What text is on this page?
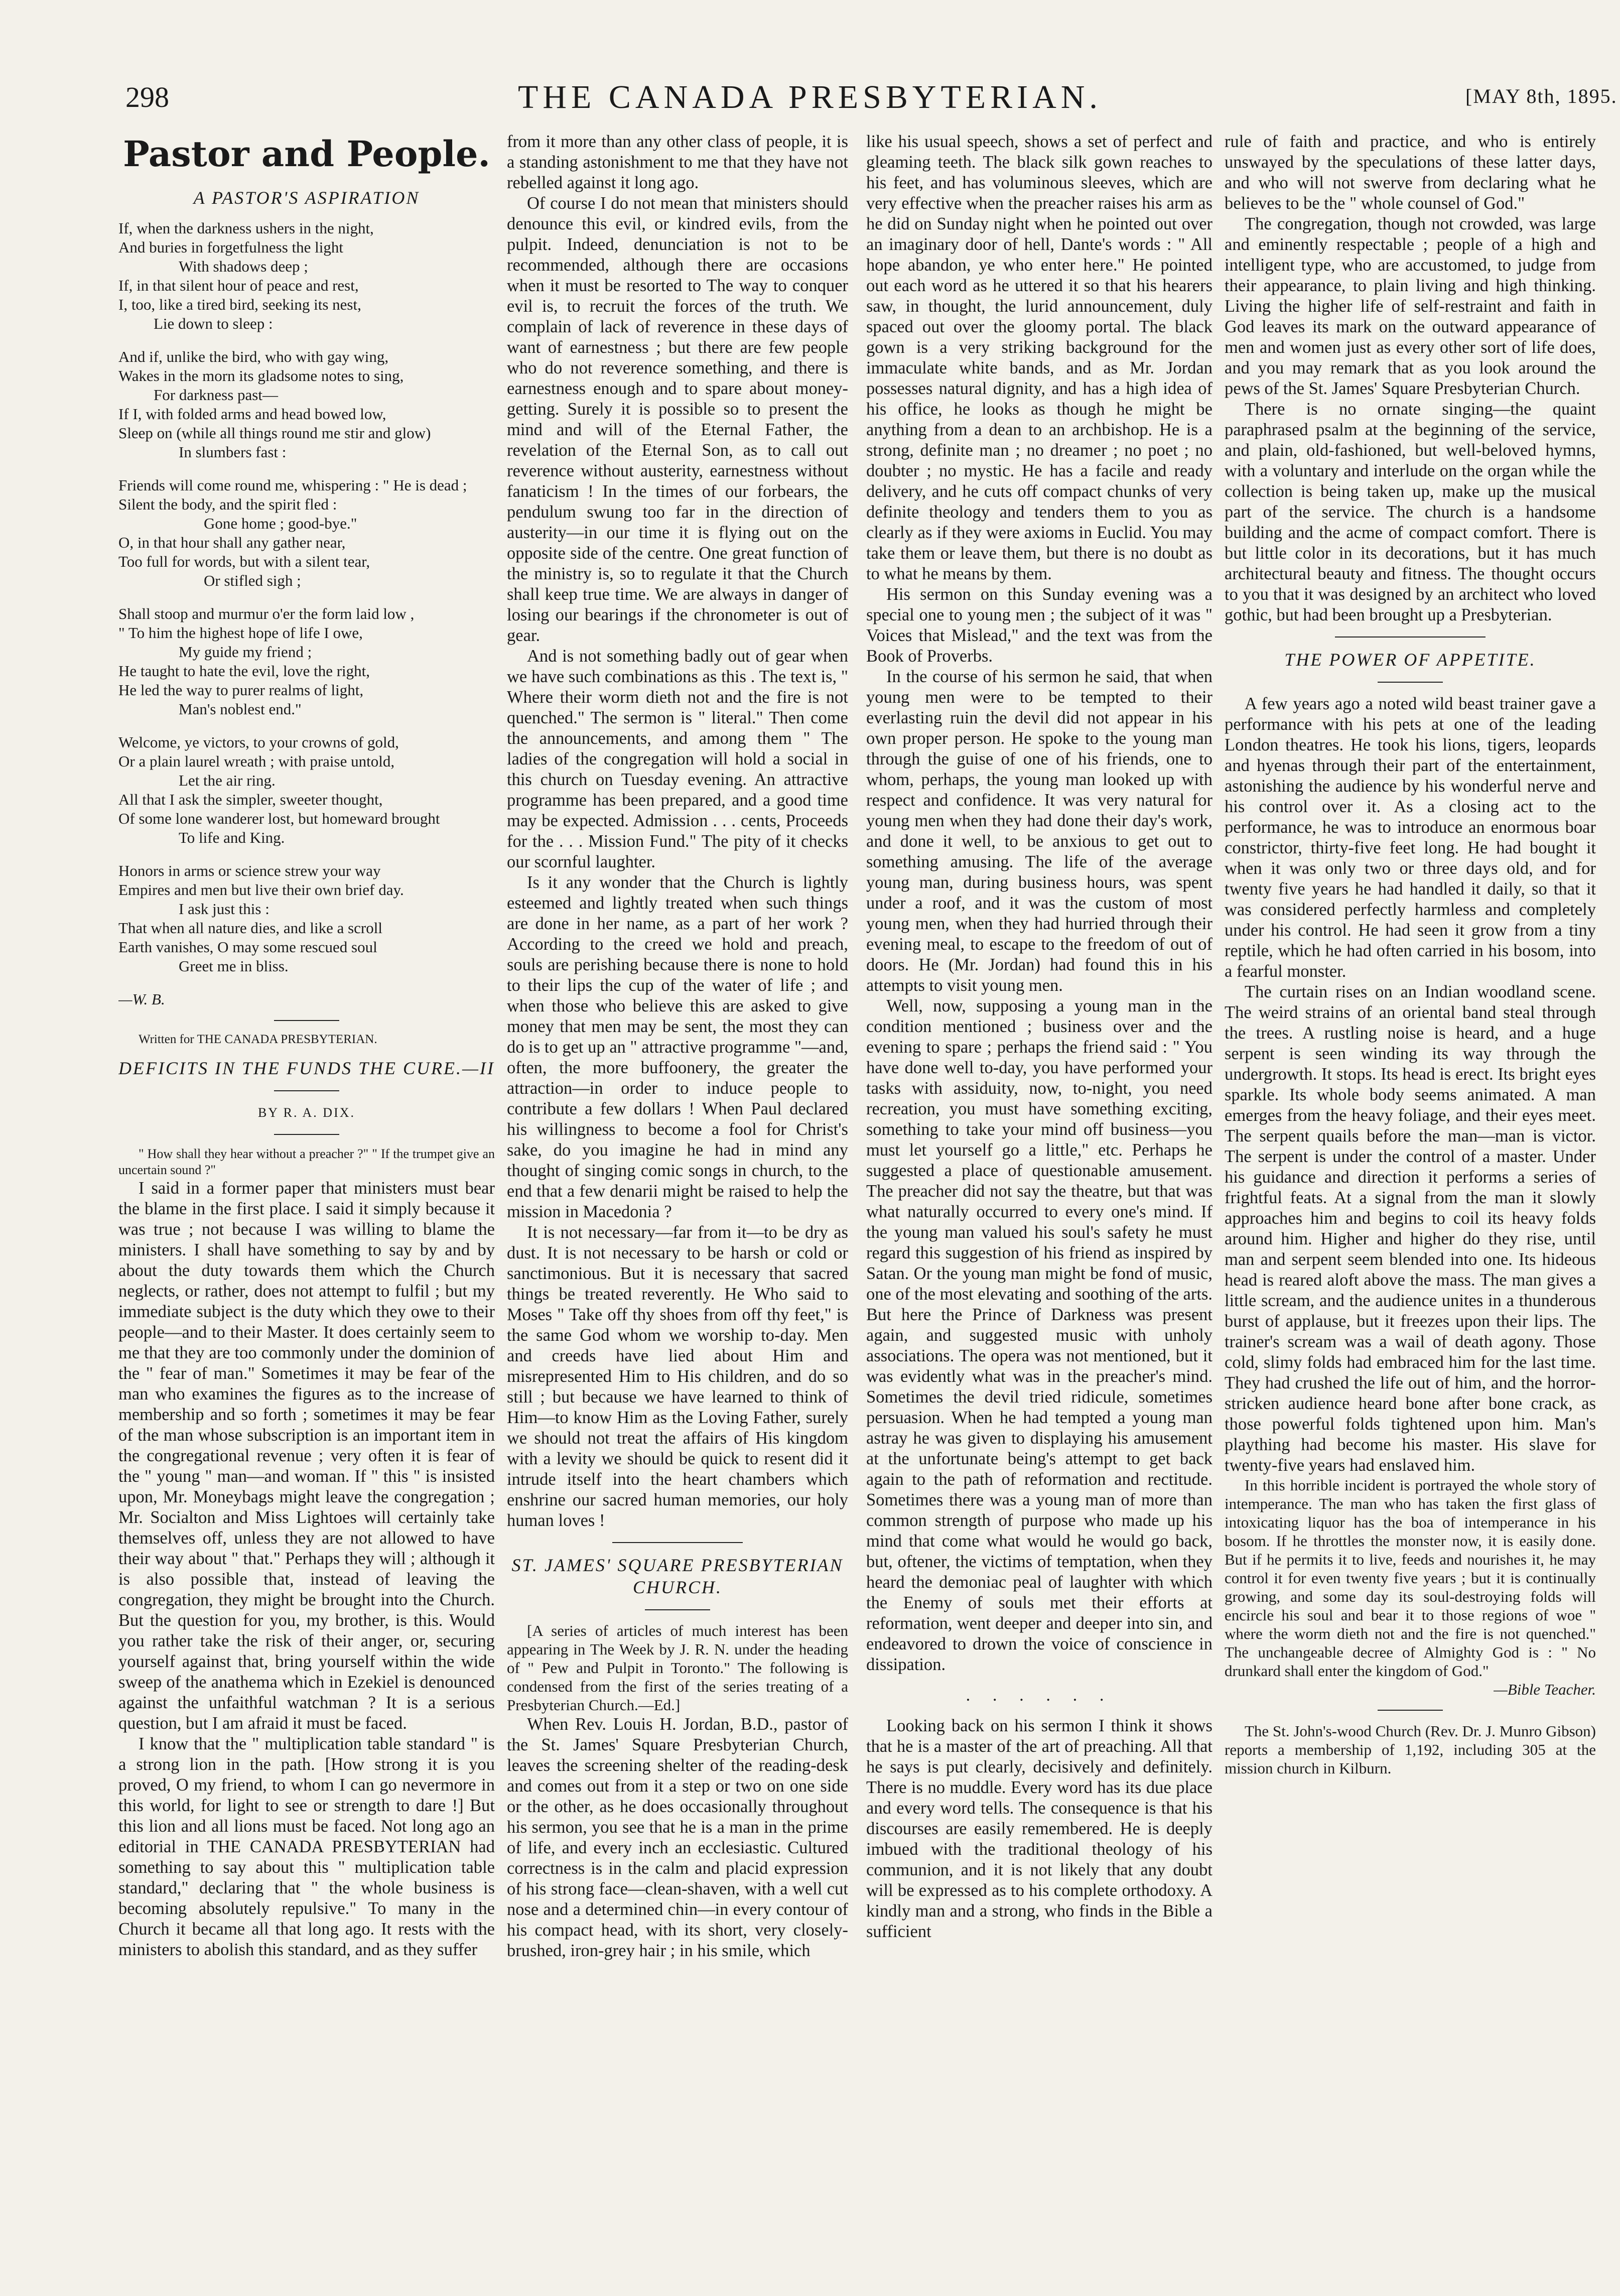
298	THE CANADA PRESBYTERIAN.	[MAY 8th, 1895.
Pastor and People.
A PASTOR'S ASPIRATION

If, when the darkness ushers in the night,

And buries in forgetfulness the light

With shadows deep ;

If, in that silent hour of peace and rest,

I, too, like a tired bird, seeking its nest,

Lie down to sleep :

And if, unlike the bird, who with gay wing,

Wakes in the morn its gladsome notes to sing,

For darkness past—

If I, with folded arms and head bowed low,

Sleep on (while all things round me stir and glow)

In slumbers fast :

Friends will come round me, whispering : " He is dead ;

Silent the body, and the spirit fled :

Gone home ; good-bye."

O, in that hour shall any gather near,

Too full for words, but with a silent tear,

Or stifled sigh ;

Shall stoop and murmur o'er the form laid low ,

" To him the highest hope of life I owe,

My guide my friend ;

He taught to hate the evil, love the right,

He led the way to purer realms of light,

Man's noblest end."

Welcome, ye victors, to your crowns of gold,

Or a plain laurel wreath ; with praise untold,

Let the air ring.

All that I ask the simpler, sweeter thought,

Of some lone wanderer lost, but homeward brought

To life and King.

Honors in arms or science strew your way

Empires and men but live their own brief day.

I ask just this :

That when all nature dies, and like a scroll

Earth vanishes, O may some rescued soul

Greet me in bliss.

—W. B.

Written for THE CANADA PRESBYTERIAN.

DEFICITS IN THE FUNDS THE CURE.—II
BY R. A. DIX.

" How shall they hear without a preacher ?" " If the trumpet give an uncertain sound ?"

I said in a former paper that ministers must bear the blame in the first place. I said it simply because it was true ; not because I was willing to blame the ministers. I shall have something to say by and by about the duty towards them which the Church neglects, or rather, does not attempt to fulfil ; but my immediate subject is the duty which they owe to their people—and to their Master. It does certainly seem to me that they are too commonly under the dominion of the " fear of man." Sometimes it may be fear of the man who examines the figures as to the increase of membership and so forth ; sometimes it may be fear of the man whose subscription is an important item in the congregational revenue ; very often it is fear of the " young " man—and woman. If " this " is insisted upon, Mr. Moneybags might leave the congregation ; Mr. Socialton and Miss Lightoes will certainly take themselves off, unless they are not allowed to have their way about " that." Perhaps they will ; although it is also possible that, instead of leaving the congregation, they might be brought into the Church. But the question for you, my brother, is this. Would you rather take the risk of their anger, or, securing yourself against that, bring yourself within the wide sweep of the anathema which in Ezekiel is denounced against the unfaithful watchman ? It is a serious question, but I am afraid it must be faced.

I know that the " multiplication table standard " is a strong lion in the path. [How strong it is you proved, O my friend, to whom I can go nevermore in this world, for light to see or strength to dare !] But this lion and all lions must be faced. Not long ago an editorial in THE CANADA PRESBYTERIAN had something to say about this " multiplication table standard," declaring that " the whole business is becoming absolutely repulsive." To many in the Church it became all that long ago. It rests with the ministers to abolish this standard, and as they suffer

from it more than any other class of people, it is a standing astonishment to me that they have not rebelled against it long ago.

Of course I do not mean that ministers should denounce this evil, or kindred evils, from the pulpit. Indeed, denunciation is not to be recommended, although there are occasions when it must be resorted to The way to conquer evil is, to recruit the forces of the truth. We complain of lack of reverence in these days of want of earnestness ; but there are few people who do not reverence something, and there is earnestness enough and to spare about money-getting. Surely it is possible so to present the mind and will of the Eternal Father, the revelation of the Eternal Son, as to call out reverence without austerity, earnestness without fanaticism ! In the times of our forbears, the pendulum swung too far in the direction of austerity—in our time it is flying out on the opposite side of the centre. One great function of the ministry is, so to regulate it that the Church shall keep true time. We are always in danger of losing our bearings if the chronometer is out of gear.

And is not something badly out of gear when we have such combinations as this . The text is, " Where their worm dieth not and the fire is not quenched." The sermon is " literal." Then come the announcements, and among them " The ladies of the congregation will hold a social in this church on Tuesday evening. An attractive programme has been prepared, and a good time may be expected. Admission . . . cents, Proceeds for the . . . Mission Fund." The pity of it checks our scornful laughter.

Is it any wonder that the Church is lightly esteemed and lightly treated when such things are done in her name, as a part of her work ? According to the creed we hold and preach, souls are perishing because there is none to hold to their lips the cup of the water of life ; and when those who believe this are asked to give money that men may be sent, the most they can do is to get up an " attractive programme "—and, often, the more buffoonery, the greater the attraction—in order to induce people to contribute a few dollars ! When Paul declared his willingness to become a fool for Christ's sake, do you imagine he had in mind any thought of singing comic songs in church, to the end that a few denarii might be raised to help the mission in Macedonia ?

It is not necessary—far from it—to be dry as dust. It is not necessary to be harsh or cold or sanctimonious. But it is necessary that sacred things be treated reverently. He Who said to Moses " Take off thy shoes from off thy feet," is the same God whom we worship to-day. Men and creeds have lied about Him and misrepresented Him to His children, and do so still ; but because we have learned to think of Him—to know Him as the Loving Father, surely we should not treat the affairs of His kingdom with a levity we should be quick to resent did it intrude itself into the heart chambers which enshrine our sacred human memories, our holy human loves !

ST. JAMES' SQUARE PRESBYTERIAN CHURCH.

[A series of articles of much interest has been appearing in The Week by J. R. N. under the heading of " Pew and Pulpit in Toronto." The following is condensed from the first of the series treating of a Presbyterian Church.—Ed.]

When Rev. Louis H. Jordan, B.D., pastor of the St. James' Square Presbyterian Church, leaves the screening shelter of the reading-desk and comes out from it a step or two on one side or the other, as he does occasionally throughout his sermon, you see that he is a man in the prime of life, and every inch an ecclesiastic. Cultured correctness is in the calm and placid expression of his strong face—clean-shaven, with a well cut nose and a determined chin—in every contour of his compact head, with its short, very closely-brushed, iron-grey hair ; in his smile, which

like his usual speech, shows a set of perfect and gleaming teeth. The black silk gown reaches to his feet, and has voluminous sleeves, which are very effective when the preacher raises his arm as he did on Sunday night when he pointed out over an imaginary door of hell, Dante's words : " All hope abandon, ye who enter here." He pointed out each word as he uttered it so that his hearers saw, in thought, the lurid announcement, duly spaced out over the gloomy portal. The black gown is a very striking background for the immaculate white bands, and as Mr. Jordan possesses natural dignity, and has a high idea of his office, he looks as though he might be anything from a dean to an archbishop. He is a strong, definite man ; no dreamer ; no poet ; no doubter ; no mystic. He has a facile and ready delivery, and he cuts off compact chunks of very definite theology and tenders them to you as clearly as if they were axioms in Euclid. You may take them or leave them, but there is no doubt as to what he means by them.

His sermon on this Sunday evening was a special one to young men ; the subject of it was " Voices that Mislead," and the text was from the Book of Proverbs.

In the course of his sermon he said, that when young men were to be tempted to their everlasting ruin the devil did not appear in his own proper person. He spoke to the young man through the guise of one of his friends, one to whom, perhaps, the young man looked up with respect and confidence. It was very natural for young men when they had done their day's work, and done it well, to be anxious to get out to something amusing. The life of the average young man, during business hours, was spent under a roof, and it was the custom of most young men, when they had hurried through their evening meal, to escape to the freedom of out of doors. He (Mr. Jordan) had found this in his attempts to visit young men.

Well, now, supposing a young man in the condition mentioned ; business over and the evening to spare ; perhaps the friend said : " You have done well to-day, you have performed your tasks with assiduity, now, to-night, you need recreation, you must have something exciting, something to take your mind off business—you must let yourself go a little," etc. Perhaps he suggested a place of questionable amusement. The preacher did not say the theatre, but that was what naturally occurred to every one's mind. If the young man valued his soul's safety he must regard this suggestion of his friend as inspired by Satan. Or the young man might be fond of music, one of the most elevating and soothing of the arts. But here the Prince of Darkness was present again, and suggested music with unholy associations. The opera was not mentioned, but it was evidently what was in the preacher's mind. Sometimes the devil tried ridicule, sometimes persuasion. When he had tempted a young man astray he was given to displaying his amusement at the unfortunate being's attempt to get back again to the path of reformation and rectitude. Sometimes there was a young man of more than common strength of purpose who made up his mind that come what would he would go back, but, oftener, the victims of temptation, when they heard the demoniac peal of laughter with which the Enemy of souls met their efforts at reformation, went deeper and deeper into sin, and endeavored to drown the voice of conscience in dissipation.

. . . . . .

Looking back on his sermon I think it shows that he is a master of the art of preaching. All that he says is put clearly, decisively and definitely. There is no muddle. Every word has its due place and every word tells. The consequence is that his discourses are easily remembered. He is deeply imbued with the traditional theology of his communion, and it is not likely that any doubt will be expressed as to his complete orthodoxy. A kindly man and a strong, who finds in the Bible a sufficient

rule of faith and practice, and who is entirely unswayed by the speculations of these latter days, and who will not swerve from declaring what he believes to be the " whole counsel of God."

The congregation, though not crowded, was large and eminently respectable ; people of a high and intelligent type, who are accustomed, to judge from their appearance, to plain living and high thinking. Living the higher life of self-restraint and faith in God leaves its mark on the outward appearance of men and women just as every other sort of life does, and you may remark that as you look around the pews of the St. James' Square Presbyterian Church.

There is no ornate singing—the quaint paraphrased psalm at the beginning of the service, and plain, old-fashioned, but well-beloved hymns, with a voluntary and interlude on the organ while the collection is being taken up, make up the musical part of the service. The church is a handsome building and the acme of compact comfort. There is but little color in its decorations, but it has much architectural beauty and fitness. The thought occurs to you that it was designed by an architect who loved gothic, but had been brought up a Presbyterian.

THE POWER OF APPETITE.

A few years ago a noted wild beast trainer gave a performance with his pets at one of the leading London theatres. He took his lions, tigers, leopards and hyenas through their part of the entertainment, astonishing the audience by his wonderful nerve and his control over it. As a closing act to the performance, he was to introduce an enormous boar constrictor, thirty-five feet long. He had bought it when it was only two or three days old, and for twenty five years he had handled it daily, so that it was considered perfectly harmless and completely under his control. He had seen it grow from a tiny reptile, which he had often carried in his bosom, into a fearful monster.

The curtain rises on an Indian woodland scene. The weird strains of an oriental band steal through the trees. A rustling noise is heard, and a huge serpent is seen winding its way through the undergrowth. It stops. Its head is erect. Its bright eyes sparkle. Its whole body seems animated. A man emerges from the heavy foliage, and their eyes meet. The serpent quails before the man—man is victor. The serpent is under the control of a master. Under his guidance and direction it performs a series of frightful feats. At a signal from the man it slowly approaches him and begins to coil its heavy folds around him. Higher and higher do they rise, until man and serpent seem blended into one. Its hideous head is reared aloft above the mass. The man gives a little scream, and the audience unites in a thunderous burst of applause, but it freezes upon their lips. The trainer's scream was a wail of death agony. Those cold, slimy folds had embraced him for the last time. They had crushed the life out of him, and the horror-stricken audience heard bone after bone crack, as those powerful folds tightened upon him. Man's plaything had become his master. His slave for twenty-five years had enslaved him.

In this horrible incident is portrayed the whole story of intemperance. The man who has taken the first glass of intoxicating liquor has the boa of intemperance in his bosom. If he throttles the monster now, it is easily done. But if he permits it to live, feeds and nourishes it, he may control it for even twenty five years ; but it is continually growing, and some day its soul-destroying folds will encircle his soul and bear it to those regions of woe " where the worm dieth not and the fire is not quenched." The unchangeable decree of Almighty God is : " No drunkard shall enter the kingdom of God."

—Bible Teacher.

The St. John's-wood Church (Rev. Dr. J. Munro Gibson) reports a membership of 1,192, including 305 at the mission church in Kilburn.
